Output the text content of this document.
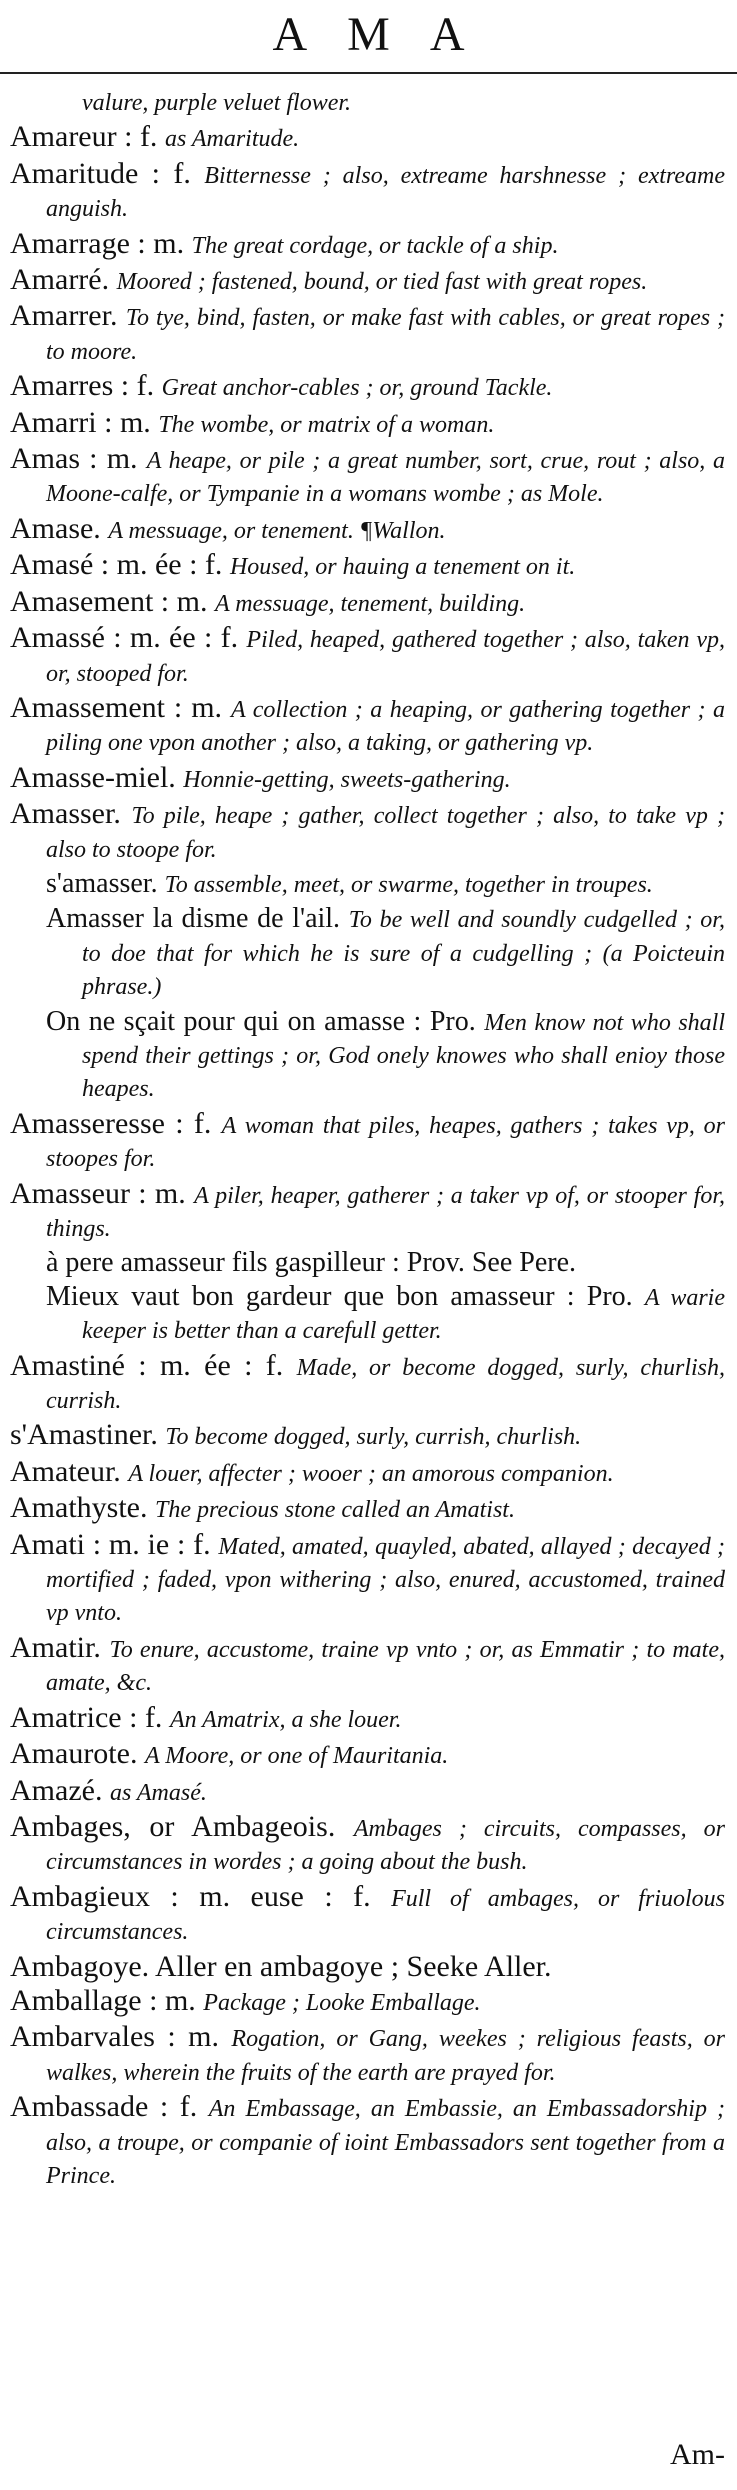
AMA

valure, purple veluet flower.

Amareur : f. as Amaritude.

Amaritude : f. Bitternesse ; also, extreame harshnesse ; extreame anguish.

Amarrage : m. The great cordage, or tackle of a ship.

Amarré. Moored ; fastened, bound, or tied fast with great ropes.

Amarrer. To tye, bind, fasten, or make fast with cables, or great ropes ; to moore.

Amarres : f. Great anchor-cables ; or, ground Tackle.

Amarri : m. The wombe, or matrix of a woman.

Amas : m. A heape, or pile ; a great number, sort, crue, rout ; also, a Moone-calfe, or Tympanie in a womans wombe ; as Mole.

Amase. A messuage, or tenement. ¶Wallon.

Amasé : m. ée : f. Housed, or hauing a tenement on it.

Amasement : m. A messuage, tenement, building.

Amassé : m. ée : f. Piled, heaped, gathered together ; also, taken vp, or, stooped for.

Amassement : m. A collection ; a heaping, or gathering together ; a piling one vpon another ; also, a taking, or gathering vp.

Amasse-miel. Honnie-getting, sweets-gathering.

Amasser. To pile, heape ; gather, collect together ; also, to take vp ; also to stoope for.

s'amasser. To assemble, meet, or swarme, together in troupes.

Amasser la disme de l'ail. To be well and soundly cudgelled ; or, to doe that for which he is sure of a cudgelling ; (a Poicteuin phrase.)

On ne sçait pour qui on amasse : Pro. Men know not who shall spend their gettings ; or, God onely knowes who shall enioy those heapes.

Amasseresse : f. A woman that piles, heapes, gathers ; takes vp, or stoopes for.

Amasseur : m. A piler, heaper, gatherer ; a taker vp of, or stooper for, things.

à pere amasseur fils gaspilleur : Prov. See Pere.

Mieux vaut bon gardeur que bon amasseur : Pro. A warie keeper is better than a carefull getter.

Amastiné : m. ée : f. Made, or become dogged, surly, churlish, currish.

s'Amastiner. To become dogged, surly, currish, churlish.

Amateur. A louer, affecter ; wooer ; an amorous companion.

Amathyste. The precious stone called an Amatist.

Amati : m. ie : f. Mated, amated, quayled, abated, allayed ; decayed ; mortified ; faded, vpon withering ; also, enured, accustomed, trained vp vnto.

Amatir. To enure, accustome, traine vp vnto ; or, as Emmatir ; to mate, amate, &c.

Amatrice : f. An Amatrix, a she louer.

Amaurote. A Moore, or one of Mauritania.

Amazé. as Amasé.

Ambages, or Ambageois. Ambages ; circuits, compasses, or circumstances in wordes ; a going about the bush.

Ambagieux : m. euse : f. Full of ambages, or friuolous circumstances.

Ambagoye. Aller en ambagoye ; Seeke Aller.

Amballage : m. Package ; Looke Emballage.

Ambarvales : m. Rogation, or Gang, weekes ; religious feasts, or walkes, wherein the fruits of the earth are prayed for.

Ambassade : f. An Embassage, an Embassie, an Embassadorship ; also, a troupe, or companie of ioint Embassadors sent together from a Prince.

Am-
